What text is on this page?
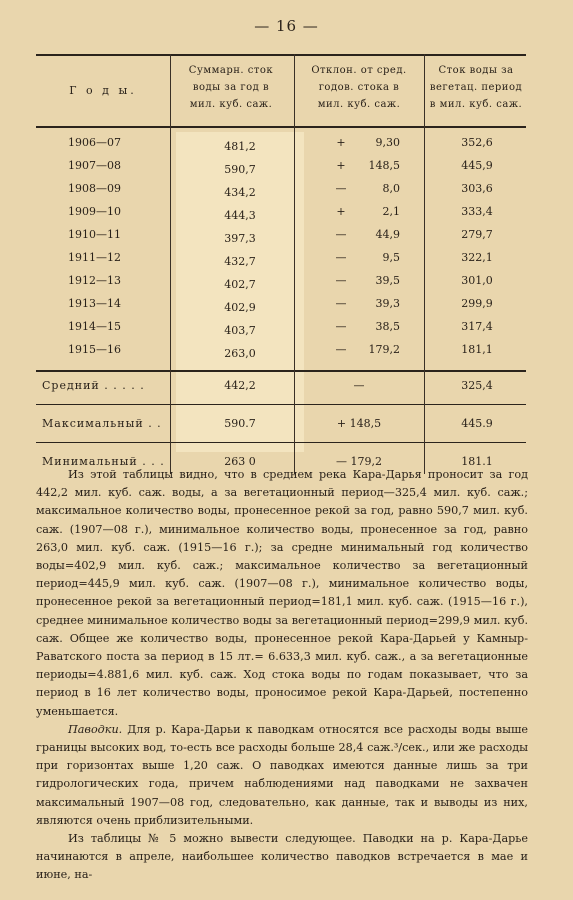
— 16 —
Г о д ы.
Суммарн. сток
воды за год в
мил. куб. саж.
Отклон. от сред.
годов. стока в
мил. куб. саж.
Сток воды за
вегетац. период
в мил. куб. саж.
1906—07	481,2	+	9,30	352,6
1907—08	590,7	+	148,5	445,9
1908—09	434,2	—	8,0	303,6
1909—10	444,3	+	2,1	333,4
1910—11	397,3	—	44,9	279,7
1911—12	432,7	—	9,5	322,1
1912—13	402,7	—	39,5	301,0
1913—14	402,9	—	39,3	299,9
1914—15	403,7	—	38,5	317,4
1915—16	263,0	—	179,2	181,1
Средний . . . . .	442,2	—	325,4
Максимальный . .	590.7	+ 148,5	445.9
Минимальный . . .	263 0	— 179,2	181.1

Из этой таблицы видно, что в среднем река Кара-Дарья проносит за год 442,2 мил. куб. саж. воды, а за вегетационный период—325,4 мил. куб. саж.; максимальное количество воды, пронесенное рекой за год, равно 590,7 мил. куб. саж. (1907—08 г.), минимальное количество воды, пронесенное за год, равно 263,0 мил. куб. саж. (1915—16 г.); за средне минимальный год количество воды=402,9 мил. куб. саж.; максимальное количество за вегетационный период=445,9 мил. куб. саж. (1907—08 г.), минимальное количество воды, пронесенное рекой за вегетационный период=181,1 мил. куб. саж. (1915—16 г.), среднее минимальное количество воды за вегетационный период=299,9 мил. куб. саж. Общее же количество воды, пронесенное рекой Кара-Дарьей у Камныр-Раватского поста за период в 15 лт.= 6.633,3 мил. куб. саж., а за вегетационные периоды=4.881,6 мил. куб. саж. Ход стока воды по годам показывает, что за период в 16 лет количество воды, проносимое рекой Кара-Дарьей, постепенно уменьшается.

Паводки. Для р. Кара-Дарьи к паводкам относятся все расходы воды выше границы высоких вод, то-есть все расходы больше 28,4 саж.³/сек., или же расходы при горизонтах выше 1,20 саж. О паводках имеются данные лишь за три гидрологических года, причем наблюдениями над паводками не захвачен максимальный 1907—08 год, следовательно, как данные, так и выводы из них, являются очень приблизительными.

Из таблицы № 5 можно вывести следующее. Паводки на р. Кара-Дарье начинаются в апреле, наибольшее количество паводков встречается в мае и июне, на-
